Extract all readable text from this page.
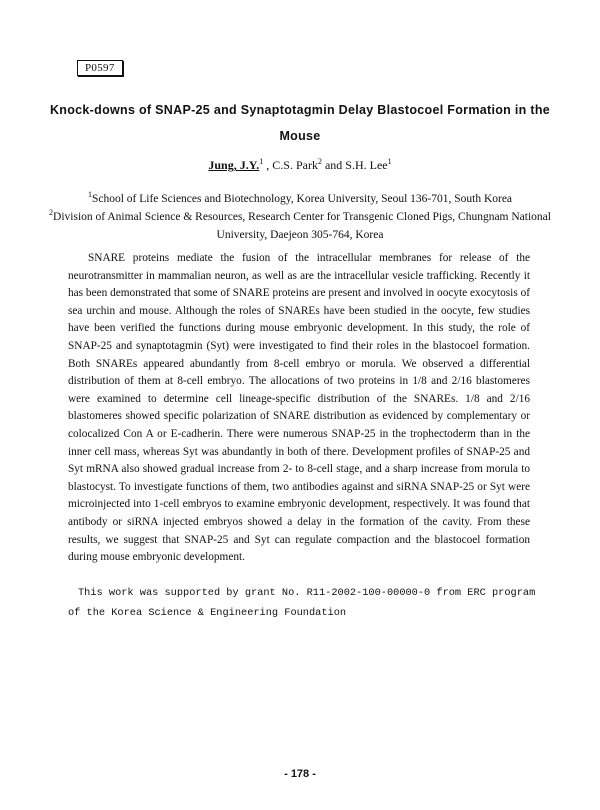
P0597
Knock-downs of SNAP-25 and Synaptotagmin Delay Blastocoel Formation in the Mouse
Jung, J.Y.$^1$ , C.S. Park$^2$ and S.H. Lee$^1$
$^1$School of Life Sciences and Biotechnology, Korea University, Seoul 136-701, South Korea
$^2$Division of Animal Science & Resources, Research Center for Transgenic Cloned Pigs, Chungnam National University, Daejeon 305-764, Korea
SNARE proteins mediate the fusion of the intracellular membranes for release of the neurotransmitter in mammalian neuron, as well as are the intracellular vesicle trafficking. Recently it has been demonstrated that some of SNARE proteins are present and involved in oocyte exocytosis of sea urchin and mouse. Although the roles of SNAREs have been studied in the oocyte, few studies have been verified the functions during mouse embryonic development. In this study, the role of SNAP-25 and synaptotagmin (Syt) were investigated to find their roles in the blastocoel formation. Both SNAREs appeared abundantly from 8-cell embryo or morula. We observed a differential distribution of them at 8-cell embryo. The allocations of two proteins in 1/8 and 2/16 blastomeres were examined to determine cell lineage-specific distribution of the SNAREs. 1/8 and 2/16 blastomeres showed specific polarization of SNARE distribution as evidenced by complementary or colocalized Con A or E-cadherin. There were numerous SNAP-25 in the trophectoderm than in the inner cell mass, whereas Syt was abundantly in both of there. Development profiles of SNAP-25 and Syt mRNA also showed gradual increase from 2- to 8-cell stage, and a sharp increase from morula to blastocyst. To investigate functions of them, two antibodies against and siRNA SNAP-25 or Syt were microinjected into 1-cell embryos to examine embryonic development, respectively. It was found that antibody or siRNA injected embryos showed a delay in the formation of the cavity. From these results, we suggest that SNAP-25 and Syt can regulate compaction and the blastocoel formation during mouse embryonic development.
This work was supported by grant No. R11-2002-100-00000-0 from ERC program of the Korea Science & Engineering Foundation
- 178 -
